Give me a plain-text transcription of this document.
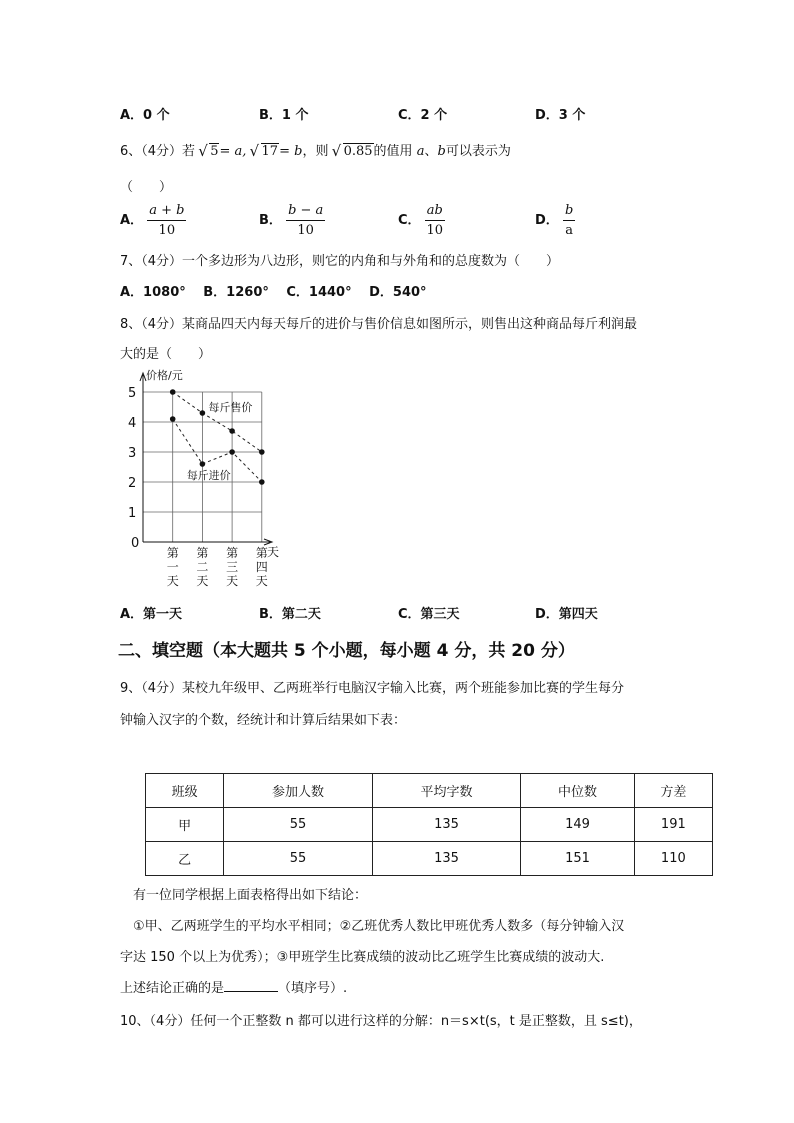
A．0 个	B．1 个	C．2 个	D．3 个
6、（4分）若 √ 5= a, √ 17= b，则 √ 0.85的值用 a、b可以表示为
（　　）
A． $\frac{a + b}{10}$	B． $\frac{b - a}{10}$	C． $\frac{ab}{10}$	D． $\frac{b}{a}$
7、（4分）一个多边形为八边形，则它的内角和与外角和的总度数为（　　）
A．1080°　 B．1260°　 C．1440°　 D．540°
8、（4分）某商品四天内每天每斤的进价与售价信息如图所示，则售出这种商品每斤利润最
大的是（　　）
价格/元
0
1
2
3
4
5
天
第
一
天
第
二
天
第
三
天
第
四
天
每斤售价
每斤进价
A．第一天	B．第二天	C．第三天	D．第四天
二、填空题（本大题共 5 个小题，每小题 4 分，共 20 分）
9、（4分）某校九年级甲、乙两班举行电脑汉字输入比赛，两个班能参加比赛的学生每分
钟输入汉字的个数，经统计和计算后结果如下表：
班级	参加人数	平均字数	中位数	方差
甲	55	135	149	191
乙	55	135	151	110
有一位同学根据上面表格得出如下结论：
①甲、乙两班学生的平均水平相同；②乙班优秀人数比甲班优秀人数多（每分钟输入汉
字达 150 个以上为优秀）；③甲班学生比赛成绩的波动比乙班学生比赛成绩的波动大.
上述结论正确的是	（填序号）.
10、（4分）任何一个正整数 n 都可以进行这样的分解：n＝s×t(s，t 是正整数，且 s≤t)，
